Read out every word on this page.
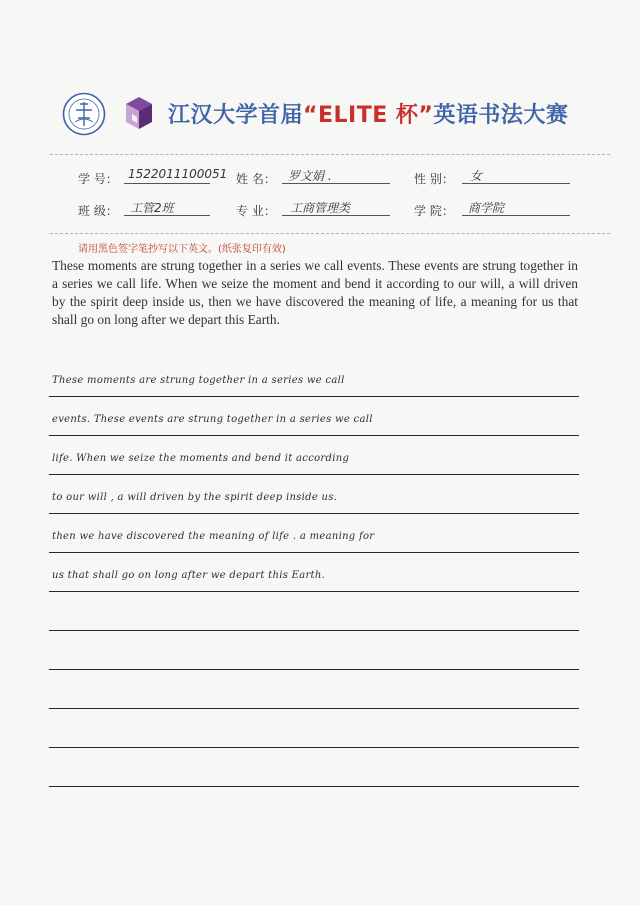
江汉大学首届“ELITE 杯”英语书法大赛
学 号： 1522011100051 姓 名： 罗文娟 .	性 别： 女
班 级： 工管2班	专 业： 工商管理类	学 院： 商学院
请用黑色签字笔抄写以下英文。(纸张复印有效)
These moments are strung together in a series we call events. These events are strung together in a series we call life. When we seize the moment and bend it according to our will, a will driven by the spirit deep inside us, then we have discovered the meaning of life, a meaning for us that shall go on long after we depart this Earth.
These moments are strung together in a series we call
events. These events are strung together in a series we call
life. When we seize the moments and bend it according
to our will , a will driven by the spirit deep inside us.
then we have discovered the meaning of life . a meaning for
us that shall go on long after we depart this Earth.
